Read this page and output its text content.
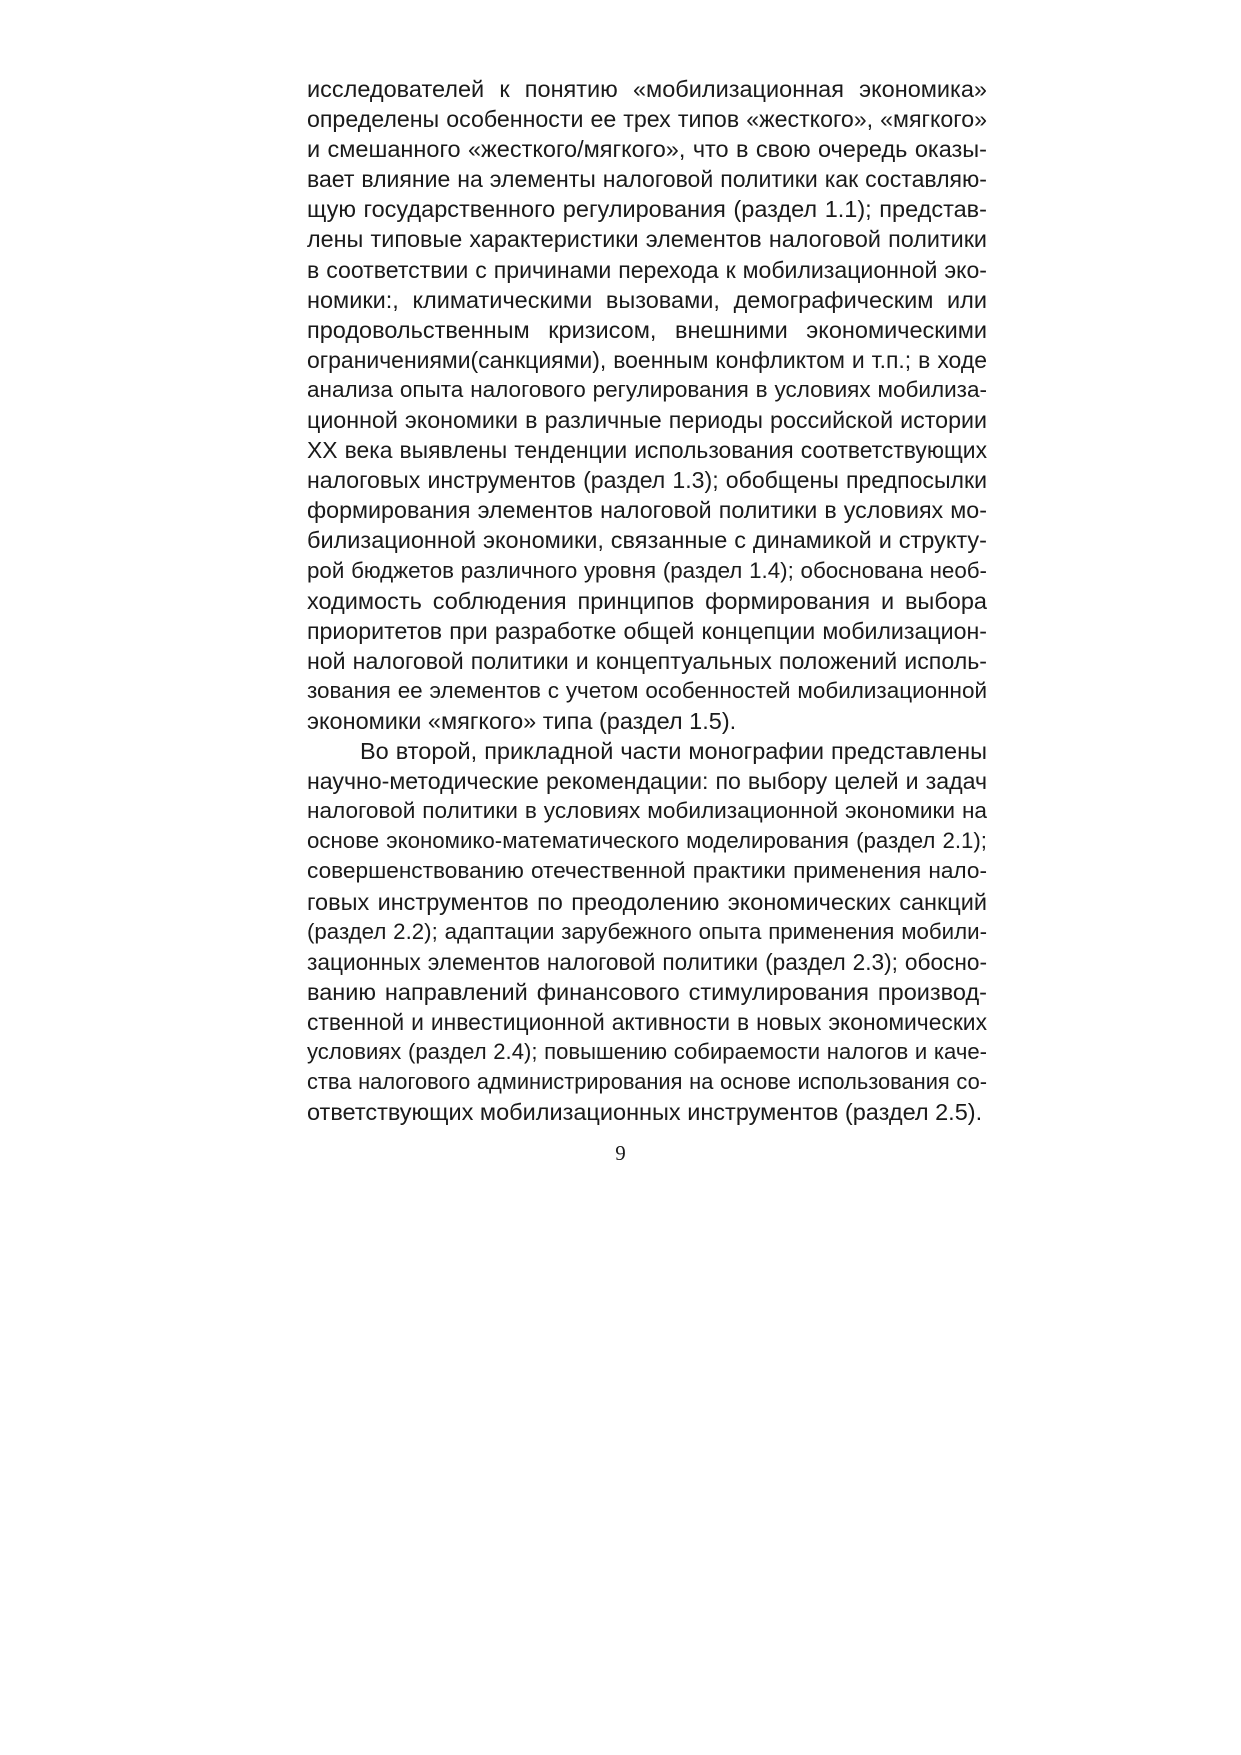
исследователей к понятию «мобилизационная экономика»
определены особенности ее трех типов «жесткого», «мягкого»
и смешанного «жесткого/мягкого», что в свою очередь оказы-
вает влияние на элементы налоговой политики как составляю-
щую государственного регулирования (раздел 1.1); представ-
лены типовые характеристики элементов налоговой политики
в соответствии с причинами перехода к мобилизационной эко-
номики:, климатическими вызовами, демографическим или
продовольственным кризисом, внешними экономическими
ограничениями(санкциями), военным конфликтом и т.п.; в ходе
анализа опыта налогового регулирования в условиях мобилиза-
ционной экономики в различные периоды российской истории
XX века выявлены тенденции использования соответствующих
налоговых инструментов (раздел 1.3); обобщены предпосылки
формирования элементов налоговой политики в условиях мо-
билизационной экономики, связанные с динамикой и структу-
рой бюджетов различного уровня (раздел 1.4); обоснована необ-
ходимость соблюдения принципов формирования и выбора
приоритетов при разработке общей концепции мобилизацион-
ной налоговой политики и концептуальных положений исполь-
зования ее элементов с учетом особенностей мобилизационной
экономики «мягкого» типа (раздел 1.5).
Во второй, прикладной части монографии представлены
научно-методические рекомендации: по выбору целей и задач
налоговой политики в условиях мобилизационной экономики на
основе экономико-математического моделирования (раздел 2.1);
совершенствованию отечественной практики применения нало-
говых инструментов по преодолению экономических санкций
(раздел 2.2); адаптации зарубежного опыта применения мобили-
зационных элементов налоговой политики (раздел 2.3); обосно-
ванию направлений финансового стимулирования производ-
ственной и инвестиционной активности в новых экономических
условиях (раздел 2.4); повышению собираемости налогов и каче-
ства налогового администрирования на основе использования со-
ответствующих мобилизационных инструментов (раздел 2.5).
9
